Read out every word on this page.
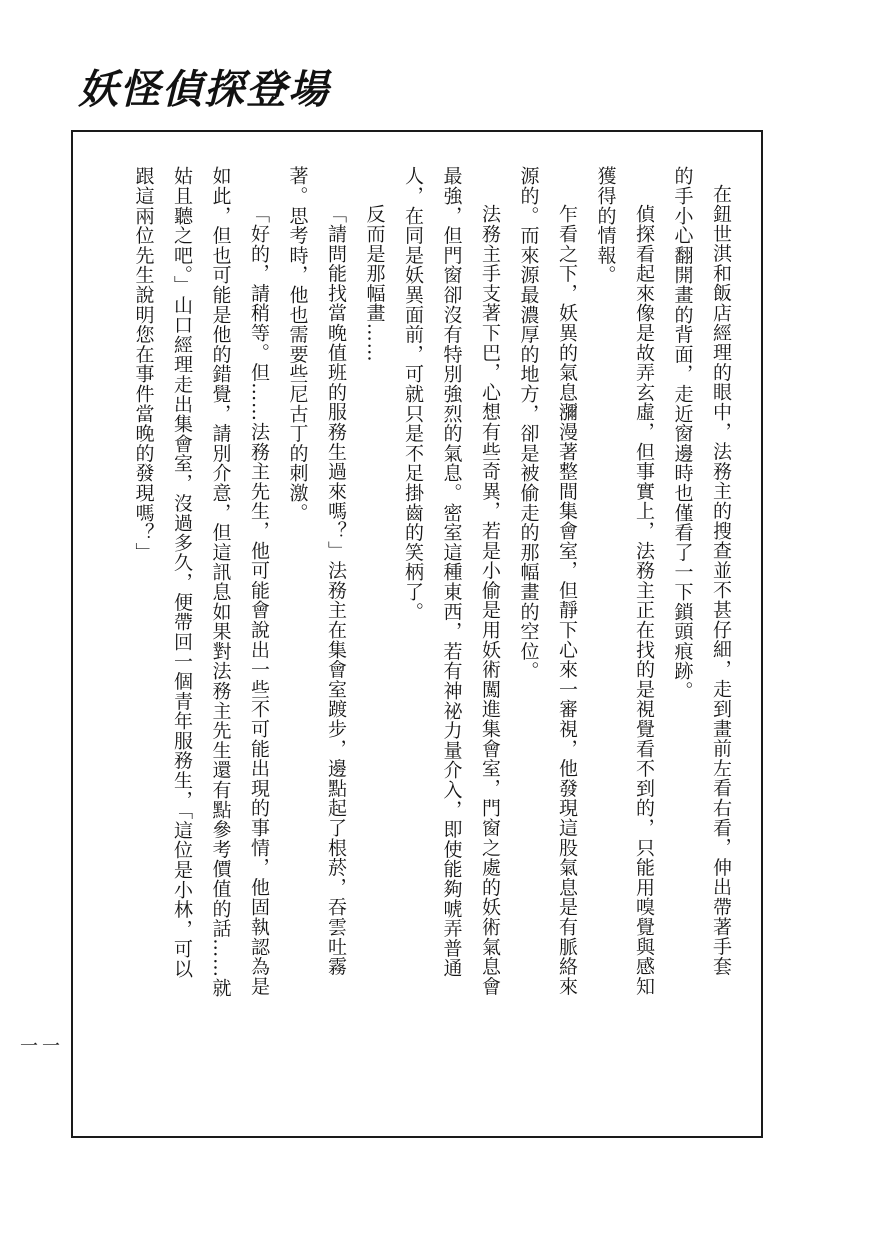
妖怪偵探登場

在鈕世淇和飯店經理的眼中，法務主的搜查並不甚仔細，走到畫前左看右看，伸出帶著手套

的手小心翻開畫的背面，走近窗邊時也僅看了一下鎖頭痕跡。

偵探看起來像是故弄玄虛，但事實上，法務主正在找的是視覺看不到的，只能用嗅覺與感知

獲得的情報。

乍看之下，妖異的氣息瀰漫著整間集會室，但靜下心來一審視，他發現這股氣息是有脈絡來

源的。而來源最濃厚的地方，卻是被偷走的那幅畫的空位。

法務主手支著下巴，心想有些奇異，若是小偷是用妖術闖進集會室，門窗之處的妖術氣息會

最強，但門窗卻沒有特別強烈的氣息。密室這種東西，若有神祕力量介入，即使能夠唬弄普通

人，在同是妖異面前，可就只是不足掛齒的笑柄了。

反而是那幅畫……

「請問能找當晚值班的服務生過來嗎？」法務主在集會室踱步，邊點起了根菸，吞雲吐霧

著。思考時，他也需要些尼古丁的刺激。

「好的，請稍等。但……法務主先生，他可能會說出一些不可能出現的事情，他固執認為是

如此，但也可能是他的錯覺，請別介意，但這訊息如果對法務主先生還有點參考價值的話……就

姑且聽之吧。」山口經理走出集會室，沒過多久，便帶回一個青年服務生，「這位是小林，可以

跟這兩位先生說明您在事件當晚的發現嗎？」

一一
